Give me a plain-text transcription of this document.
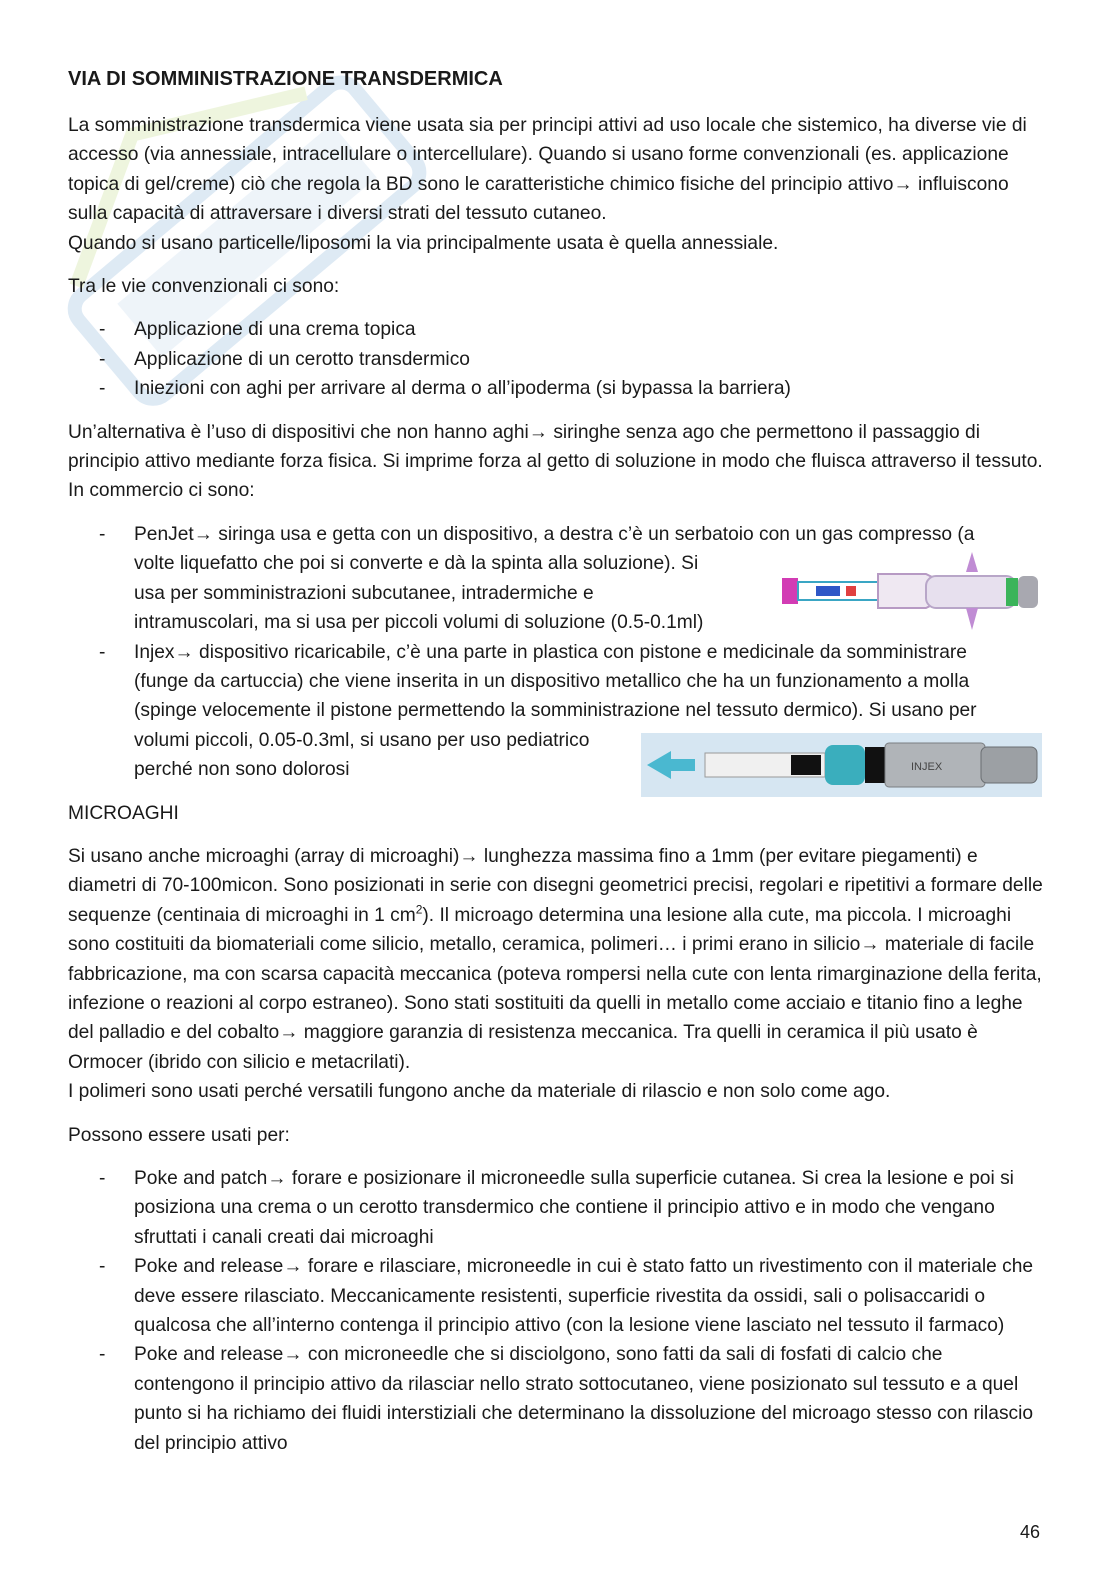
VIA DI SOMMINISTRAZIONE TRANSDERMICA

La somministrazione transdermica viene usata sia per principi attivi ad uso locale che sistemico, ha diverse vie di accesso (via annessiale, intracellulare o intercellulare). Quando si usano forme convenzionali (es. applicazione topica di gel/creme) ciò che regola la BD sono le caratteristiche chimico fisiche del principio attivo→ influiscono sulla capacità di attraversare i diversi strati del tessuto cutaneo.
Quando si usano particelle/liposomi la via principalmente usata è quella annessiale.

Tra le vie convenzionali ci sono:

- Applicazione di una crema topica
- Applicazione di un cerotto transdermico
- Iniezioni con aghi per arrivare al derma o all’ipoderma (si bypassa la barriera)

Un’alternativa è l’uso di dispositivi che non hanno aghi→ siringhe senza ago che permettono il passaggio di principio attivo mediante forza fisica. Si imprime forza al getto di soluzione in modo che fluisca attraverso il tessuto. In commercio ci sono:

- PenJet→ siringa usa e getta con un dispositivo, a destra c’è un serbatoio con un gas compresso (a
volte liquefatto che poi si converte e dà la spinta alla soluzione). Si
usa per somministrazioni subcutanee, intradermiche e
intramuscolari, ma si usa per piccoli volumi di soluzione (0.5-0.1ml)
- Injex→ dispositivo ricaricabile, c’è una parte in plastica con pistone e medicinale da somministrare
(funge da cartuccia) che viene inserita in un dispositivo metallico che ha un funzionamento a molla
(spinge velocemente il pistone permettendo la somministrazione nel tessuto dermico). Si usano per
volumi piccoli, 0.05-0.3ml, si usano per uso pediatrico
perché non sono dolorosi

MICROAGHI

Si usano anche microaghi (array di microaghi)→ lunghezza massima fino a 1mm (per evitare piegamenti) e diametri di 70-100micon. Sono posizionati in serie con disegni geometrici precisi, regolari e ripetitivi a formare delle sequenze (centinaia di microaghi in 1 $cm^2$). Il microago determina una lesione alla cute, ma piccola. I microaghi sono costituiti da biomateriali come silicio, metallo, ceramica, polimeri… i primi erano in silicio→ materiale di facile fabbricazione, ma con scarsa capacità meccanica (poteva rompersi nella cute con lenta rimarginazione della ferita, infezione o reazioni al corpo estraneo). Sono stati sostituiti da quelli in metallo come acciaio e titanio fino a leghe del palladio e del cobalto→ maggiore garanzia di resistenza meccanica. Tra quelli in ceramica il più usato è Ormocer (ibrido con silicio e metacrilati).
I polimeri sono usati perché versatili fungono anche da materiale di rilascio e non solo come ago.

Possono essere usati per:

- Poke and patch→ forare e posizionare il microneedle sulla superficie cutanea. Si crea la lesione e poi si posiziona una crema o un cerotto transdermico che contiene il principio attivo e in modo che vengano sfruttati i canali creati dai microaghi
- Poke and release→ forare e rilasciare, microneedle in cui è stato fatto un rivestimento con il materiale che deve essere rilasciato. Meccanicamente resistenti, superficie rivestita da ossidi, sali o polisaccaridi o qualcosa che all’interno contenga il principio attivo (con la lesione viene lasciato nel tessuto il farmaco)
- Poke and release→ con microneedle che si disciolgono, sono fatti da sali di fosfati di calcio che contengono il principio attivo da rilasciar nello strato sottocutaneo, viene posizionato sul tessuto e a quel punto si ha richiamo dei fluidi interstiziali che determinano la dissoluzione del microago stesso con rilascio del principio attivo
INJEX
46
